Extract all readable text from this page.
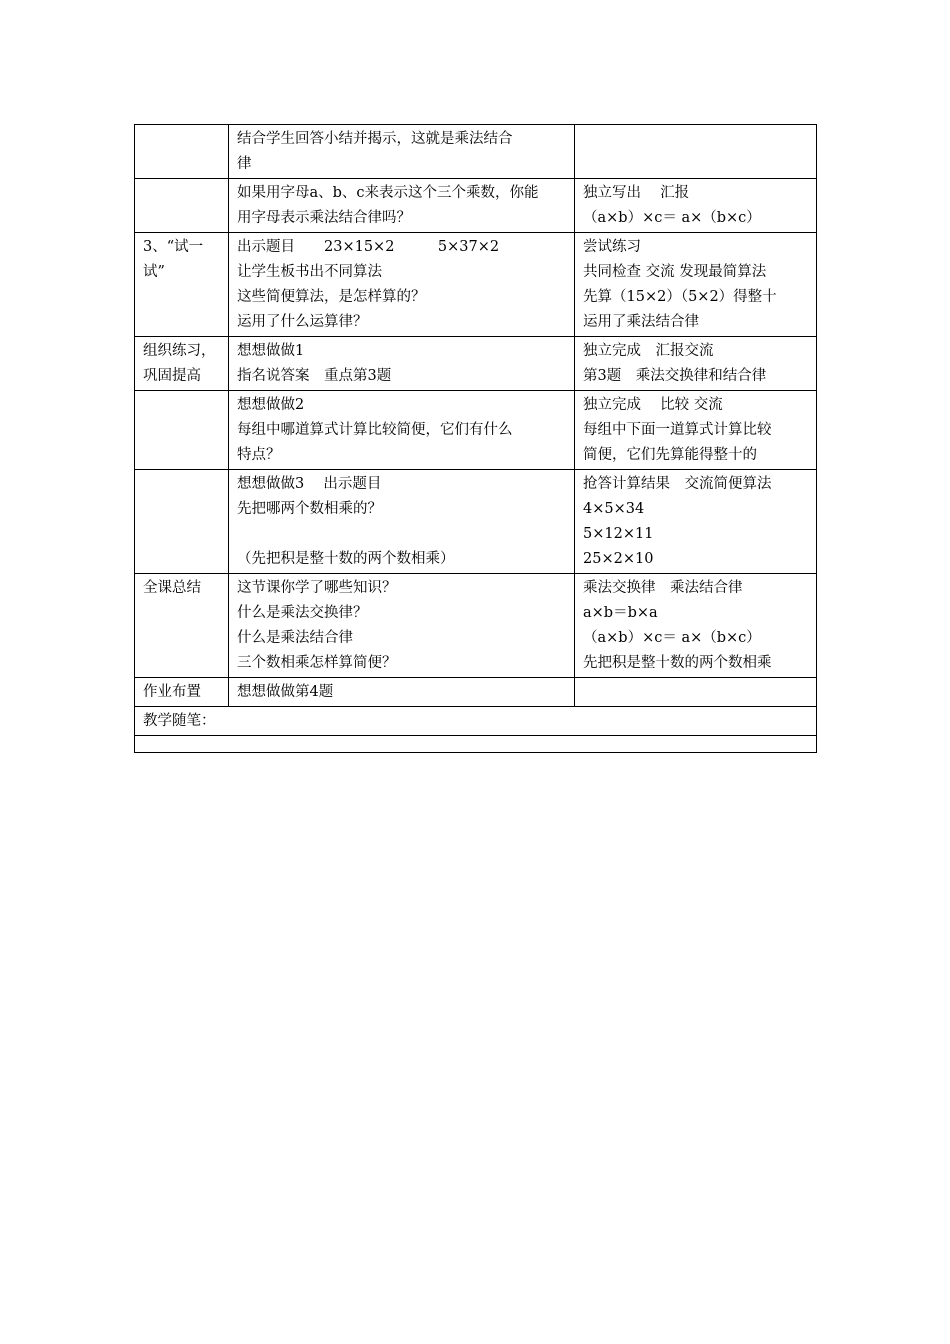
	结合学生回答小结并揭示，这就是乘法结合
律	

	如果用字母a、b、c来表示这个三个乘数，你能
用字母表示乘法结合律吗？	独立写出　 汇报
（a×b）×c＝ a×（b×c）

3、“试一
试”	出示题目　　23×15×2　　　5×37×2
让学生板书出不同算法
这些简便算法，是怎样算的？
运用了什么运算律？	尝试练习
共同检查 交流 发现最简算法
先算（15×2）（5×2）得整十
运用了乘法结合律

组织练习，
巩固提高	想想做做1
指名说答案　重点第3题	独立完成　汇报交流
第3题　乘法交换律和结合律

	想想做做2
每组中哪道算式计算比较简便，它们有什么
特点？	独立完成　 比较 交流
每组中下面一道算式计算比较
简便，它们先算能得整十的

	想想做做3　 出示题目
先把哪两个数相乘的？
（先把积是整十数的两个数相乘）	抢答计算结果　交流简便算法
4×5×34
5×12×11
25×2×10

全课总结	这节课你学了哪些知识？
什么是乘法交换律？
什么是乘法结合律
三个数相乘怎样算简便？	乘法交换律　乘法结合律
a×b＝b×a
（a×b）×c＝ a×（b×c）
先把积是整十数的两个数相乘

作业布置	想想做做第4题	

教学随笔：		
